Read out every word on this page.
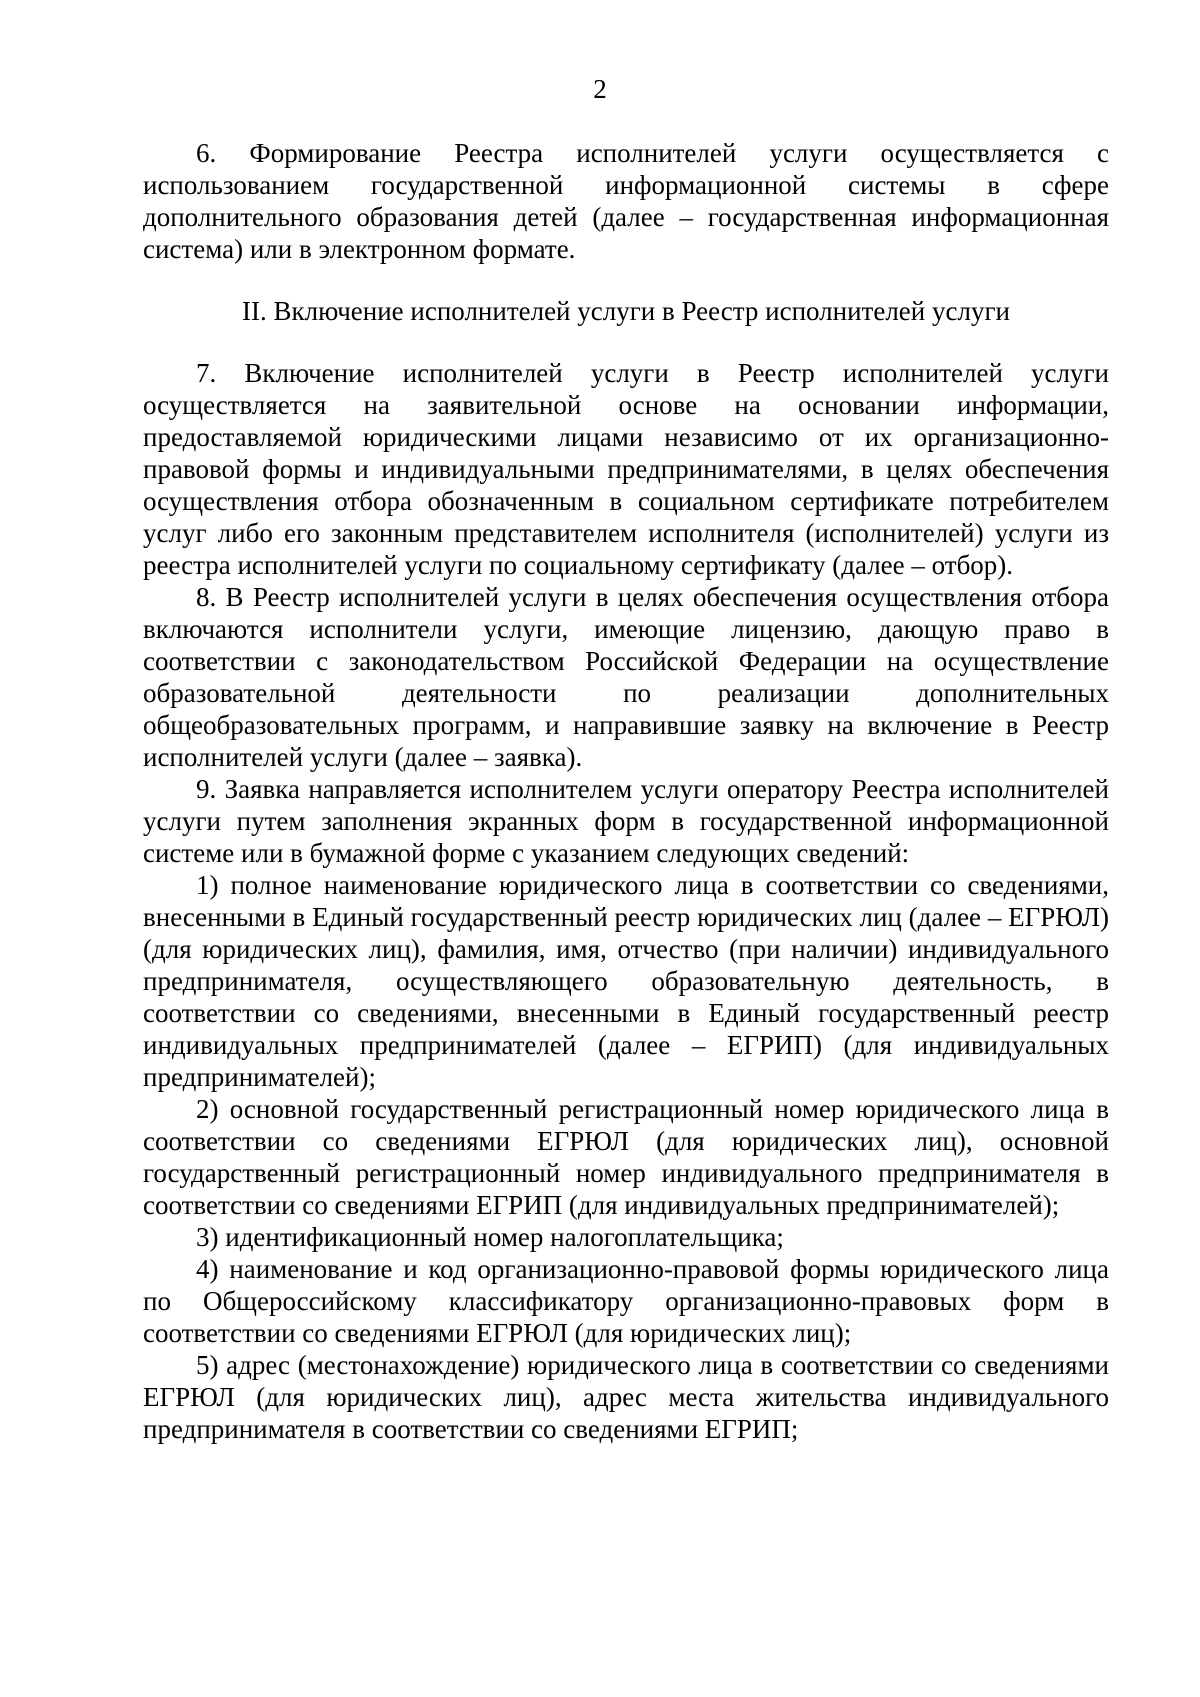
2

6. Формирование Реестра исполнителей услуги осуществляется с использованием государственной информационной системы в сфере дополнительного образования детей (далее – государственная информационная система) или в электронном формате.

II. Включение исполнителей услуги в Реестр исполнителей услуги

7. Включение исполнителей услуги в Реестр исполнителей услуги осуществляется на заявительной основе на основании информации, предоставляемой юридическими лицами независимо от их организационно-правовой формы и индивидуальными предпринимателями, в целях обеспечения осуществления отбора обозначенным в социальном сертификате потребителем услуг либо его законным представителем исполнителя (исполнителей) услуги из реестра исполнителей услуги по социальному сертификату (далее – отбор).

8. В Реестр исполнителей услуги в целях обеспечения осуществления отбора включаются исполнители услуги, имеющие лицензию, дающую право в соответствии с законодательством Российской Федерации на осуществление образовательной деятельности по реализации дополнительных общеобразовательных программ, и направившие заявку на включение в Реестр исполнителей услуги (далее – заявка).

9. Заявка направляется исполнителем услуги оператору Реестра исполнителей услуги путем заполнения экранных форм в государственной информационной системе или в бумажной форме с указанием следующих сведений:

1) полное наименование юридического лица в соответствии со сведениями, внесенными в Единый государственный реестр юридических лиц (далее – ЕГРЮЛ) (для юридических лиц), фамилия, имя, отчество (при наличии) индивидуального предпринимателя, осуществляющего образовательную деятельность, в соответствии со сведениями, внесенными в Единый государственный реестр индивидуальных предпринимателей (далее – ЕГРИП) (для индивидуальных предпринимателей);

2) основной государственный регистрационный номер юридического лица в соответствии со сведениями ЕГРЮЛ (для юридических лиц), основной государственный регистрационный номер индивидуального предпринимателя в соответствии со сведениями ЕГРИП (для индивидуальных предпринимателей);

3) идентификационный номер налогоплательщика;

4) наименование и код организационно-правовой формы юридического лица по Общероссийскому классификатору организационно-правовых форм в соответствии со сведениями ЕГРЮЛ (для юридических лиц);

5) адрес (местонахождение) юридического лица в соответствии со сведениями ЕГРЮЛ (для юридических лиц), адрес места жительства индивидуального предпринимателя в соответствии со сведениями ЕГРИП;
